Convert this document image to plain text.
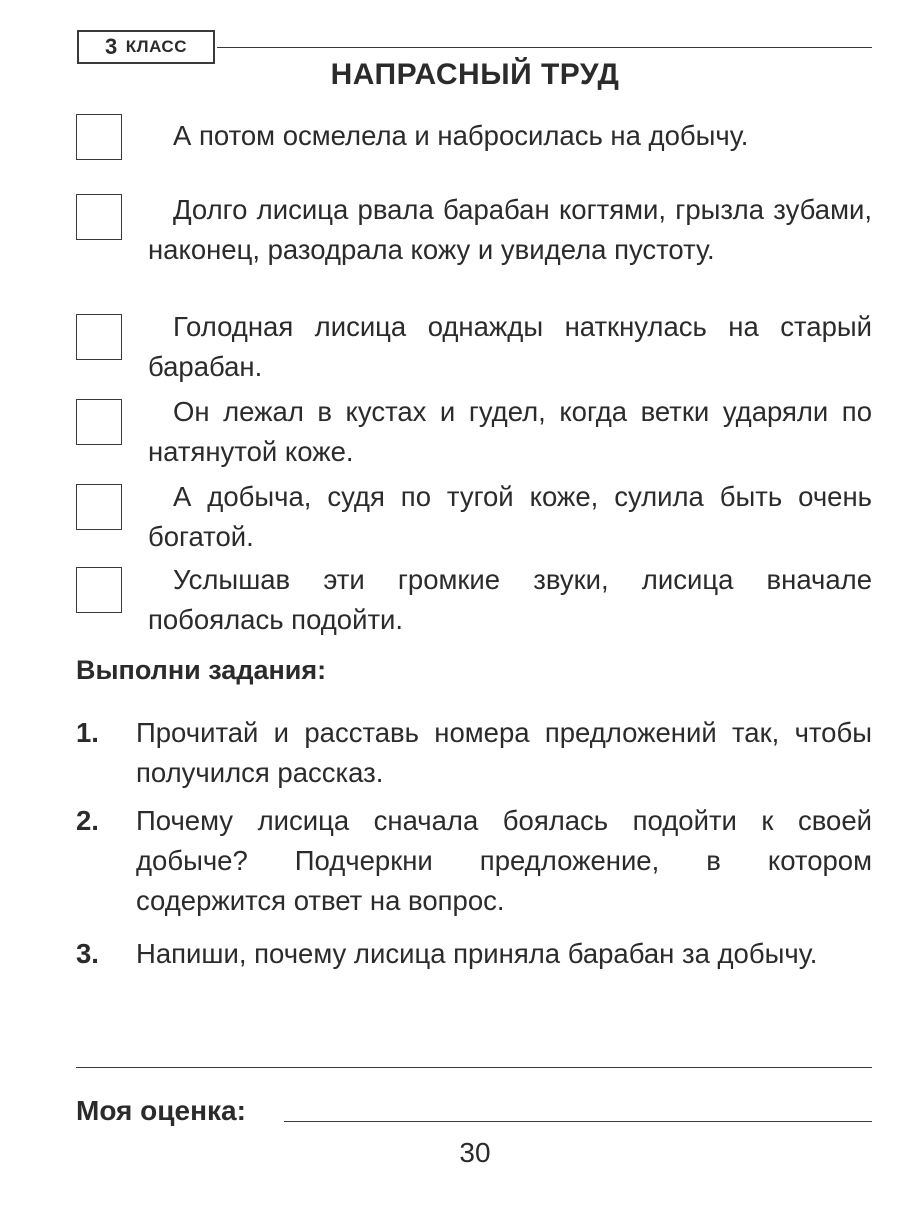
3 КЛАСС
НАПРАСНЫЙ ТРУД

А потом осмелела и набросилась на добычу.

Долго лисица рвала барабан когтями, грызла зубами, наконец, разодрала кожу и увидела пустоту.

Голодная лисица однажды наткнулась на старый барабан.

Он лежал в кустах и гудел, когда ветки ударяли по натянутой коже.

А добыча, судя по тугой коже, сулила быть очень богатой.

Услышав эти громкие звуки, лисица вначале побоялась подойти.

Выполни задания:
1. Прочитай и расставь номера предложений так, чтобы получился рассказ.

2. Почему лисица сначала боялась подойти к своей добыче? Подчеркни предложение, в котором содержится ответ на вопрос.

3. Напиши, почему лисица приняла барабан за добычу.

Моя оценка:
30
